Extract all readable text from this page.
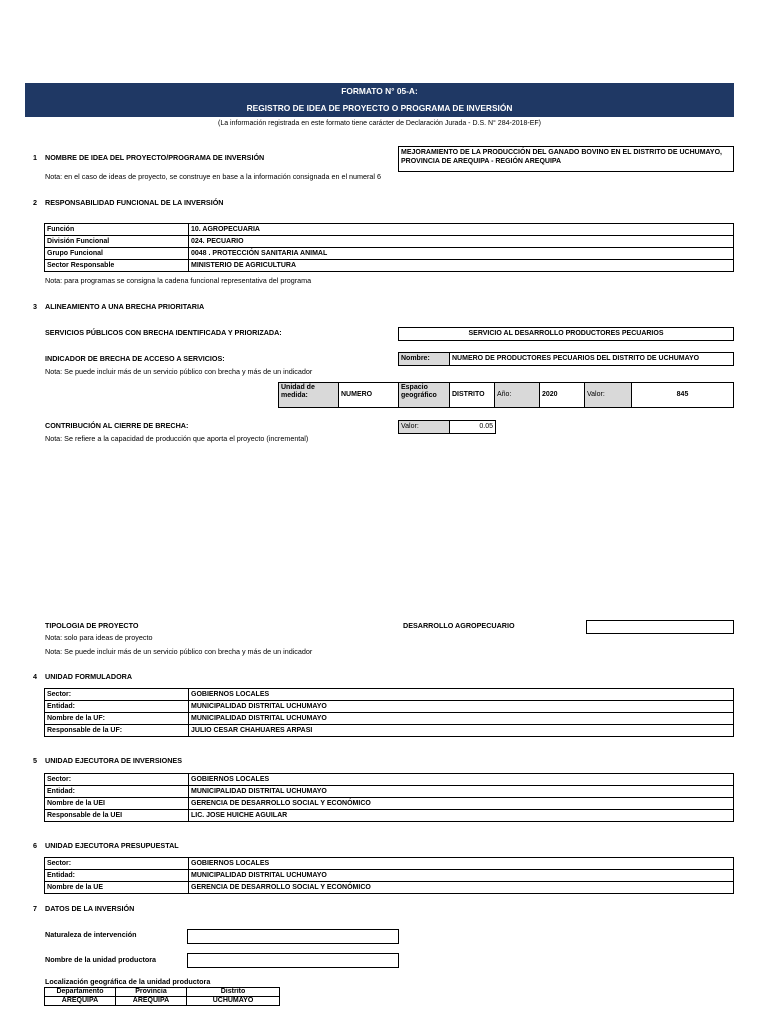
FORMATO N° 05-A:
REGISTRO DE IDEA DE PROYECTO O PROGRAMA DE INVERSIÓN
(La información registrada en este formato tiene carácter de Declaración Jurada - D.S. N° 284-2018-EF)
1 NOMBRE DE IDEA DEL PROYECTO/PROGRAMA DE INVERSIÓN
MEJORAMIENTO DE LA PRODUCCIÓN DEL GANADO BOVINO EN EL DISTRITO DE UCHUMAYO, PROVINCIA DE AREQUIPA - REGIÓN AREQUIPA
Nota: en el caso de ideas de proyecto, se construye en base a la información consignada en el numeral 6
2 RESPONSABILIDAD FUNCIONAL DE LA INVERSIÓN
Función	10. AGROPECUARIA
División Funcional	024. PECUARIO
Grupo Funcional	0048 . PROTECCIÓN SANITARIA ANIMAL
Sector Responsable	MINISTERIO DE AGRICULTURA
Nota: para programas se consigna la cadena funcional representativa del programa
3 ALINEAMIENTO A UNA BRECHA PRIORITARIA
SERVICIOS PÚBLICOS CON BRECHA IDENTIFICADA Y PRIORIZADA:	SERVICIO AL DESARROLLO PRODUCTORES PECUARIOS
INDICADOR DE BRECHA DE ACCESO A SERVICIOS:
Nota: Se puede incluir más de un servicio público con brecha y más de un indicador
Nombre:	NUMERO DE PRODUCTORES PECUARIOS DEL DISTRITO DE UCHUMAYO
Unidad de medida:	NUMERO
Espacio geográfico	DISTRITO	Año:	2020	Valor:	845
CONTRIBUCIÓN AL CIERRE DE BRECHA:
Nota: Se refiere a la capacidad de producción que aporta el proyecto (incremental)
Valor:	0.05
TIPOLOGIA DE PROYECTO	DESARROLLO AGROPECUARIO
Nota: solo para ideas de proyecto
Nota: Se puede incluir más de un servicio público con brecha y más de un indicador
4 UNIDAD FORMULADORA
Sector:	GOBIERNOS LOCALES
Entidad:	MUNICIPALIDAD DISTRITAL UCHUMAYO
Nombre de la UF:	MUNICIPALIDAD DISTRITAL UCHUMAYO
Responsable de la UF:	JULIO CESAR CHAHUARES ARPASI
5 UNIDAD EJECUTORA DE INVERSIONES
Sector:	GOBIERNOS LOCALES
Entidad:	MUNICIPALIDAD DISTRITAL UCHUMAYO
Nombre de la UEI	GERENCIA DE DESARROLLO SOCIAL Y ECONÓMICO
Responsable de la UEI	LIC. JOSE HUICHE AGUILAR
6 UNIDAD EJECUTORA PRESUPUESTAL
Sector:	GOBIERNOS LOCALES
Entidad:	MUNICIPALIDAD DISTRITAL UCHUMAYO
Nombre de la UE	GERENCIA DE DESARROLLO SOCIAL Y ECONÓMICO
7 DATOS DE LA INVERSIÓN
Naturaleza de intervención
Nombre de la unidad productora
Localización geográfica de la unidad productora
Departamento	Provincia	Distrito
AREQUIPA	AREQUIPA	UCHUMAYO
